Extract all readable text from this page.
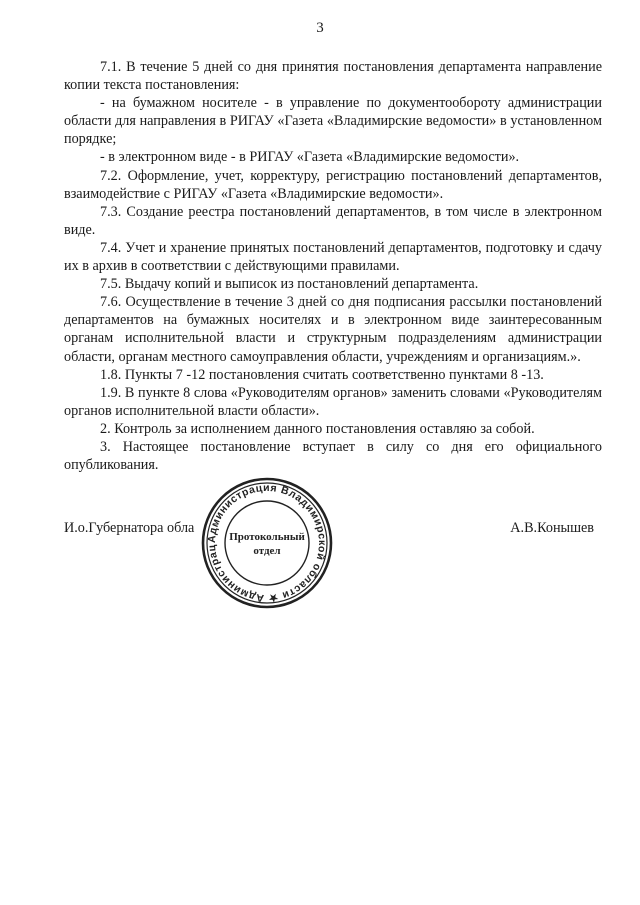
3

7.1. В течение 5 дней со дня принятия постановления департамента направление копии текста постановления:

- на бумажном носителе - в управление по документообороту администрации области для направления в РИГАУ «Газета «Владимирские ведомости» в установленном порядке;

- в электронном виде - в РИГАУ «Газета «Владимирские ведомости».

7.2. Оформление, учет, корректуру, регистрацию постановлений департаментов, взаимодействие с РИГАУ «Газета «Владимирские ведомости».

7.3. Создание реестра постановлений департаментов, в том числе в электронном виде.

7.4. Учет и хранение принятых постановлений департаментов, подготовку и сдачу их в архив в соответствии с действующими правилами.

7.5. Выдачу копий и выписок из постановлений департамента.

7.6. Осуществление в течение 3 дней со дня подписания рассылки постановлений департаментов на бумажных носителях и в электронном виде заинтересованным органам исполнительной власти и структурным подразделениям администрации области, органам местного самоуправления области, учреждениям и организациям.».

1.8. Пункты 7 -12 постановления считать соответственно пунктами 8 -13.

1.9. В пункте 8 слова «Руководителям органов» заменить словами «Руководителям органов исполнительной власти области».

2. Контроль за исполнением данного постановления оставляю за собой.

3. Настоящее постановление вступает в силу со дня его официального опубликования.

И.о.Губернатора обла	А.В.Конышев
Администрация Владимирской области ★ Администрац
Протокольный
отдел
